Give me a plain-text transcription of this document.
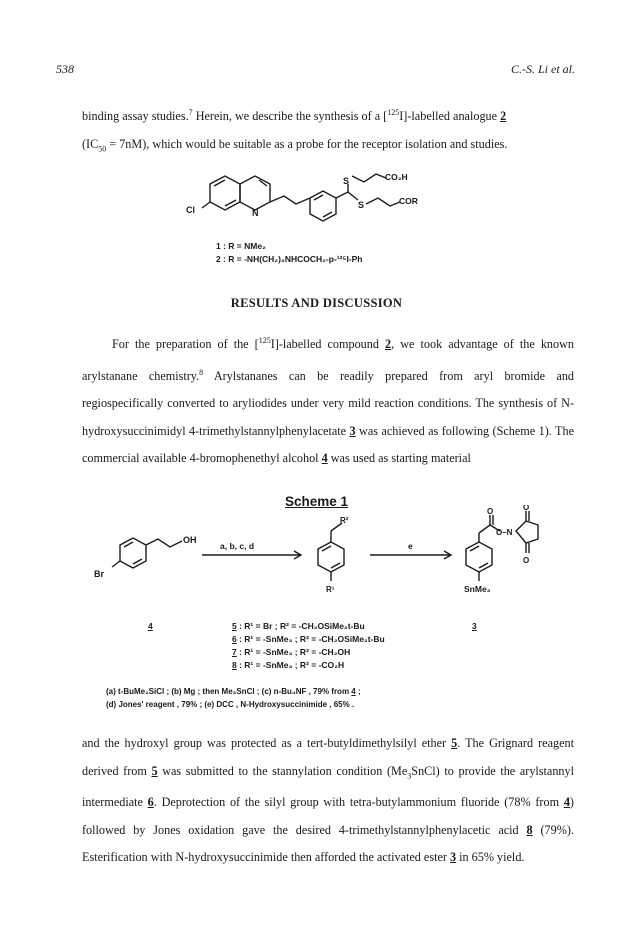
538	C.-S. Li et al.

binding assay studies.$^7$ Herein, we describe the synthesis of a [$^{125}$I]-labelled analogue 2

$(IC_{50} = 7nM)$, which would be suitable as a probe for the receptor isolation and studies.

Cl	N
S
S
CO₂H
COR
1 : R = NMe₂
2 : R = -NH(CH₂)₃NHCOCH₂-p-¹²⁵I-Ph
RESULTS AND DISCUSSION

For the preparation of the [$^{125}$I]-labelled compound 2, we took advantage of the known arylstanane chemistry.$^8$ Arylstananes can be readily prepared from aryl bromide and regiospecifically converted to aryliodides under very mild reaction conditions. The synthesis of N-hydroxysuccinimidyl 4-trimethylstannylphenylacetate 3 was achieved as following (Scheme 1). The commercial available 4-bromophenethyl alcohol 4 was used as starting material

Scheme 1
Br
OH
a, b, c, d	e
R²
R¹
O	O
O
O–N
SnMe₃
4	3
5 : R¹ = Br ; R² = -CH₂OSiMe₂t-Bu
6 : R¹ = -SnMe₃ ; R² = -CH₂OSiMe₂t-Bu
7 : R¹ = -SnMe₃ ; R² = -CH₂OH
8 : R¹ = -SnMe₃ ; R² = -CO₂H
(a) t-BuMe₂SiCl ; (b) Mg ; then Me₃SnCl ; (c) n-Bu₄NF , 79% from 4 ;
(d) Jones' reagent , 79% ; (e) DCC , N-Hydroxysuccinimide , 65% .

and the hydroxyl group was protected as a tert-butyldimethylsilyl ether 5. The Grignard reagent derived from 5 was submitted to the stannylation condition $(Me_3SnCl)$ to provide the arylstannyl intermediate 6. Deprotection of the silyl group with tetra-butylammonium fluoride (78% from 4) followed by Jones oxidation gave the desired 4-trimethylstannylphenylacetic acid 8 (79%). Esterification with N-hydroxysuccinimide then afforded the activated ester 3 in 65% yield.
